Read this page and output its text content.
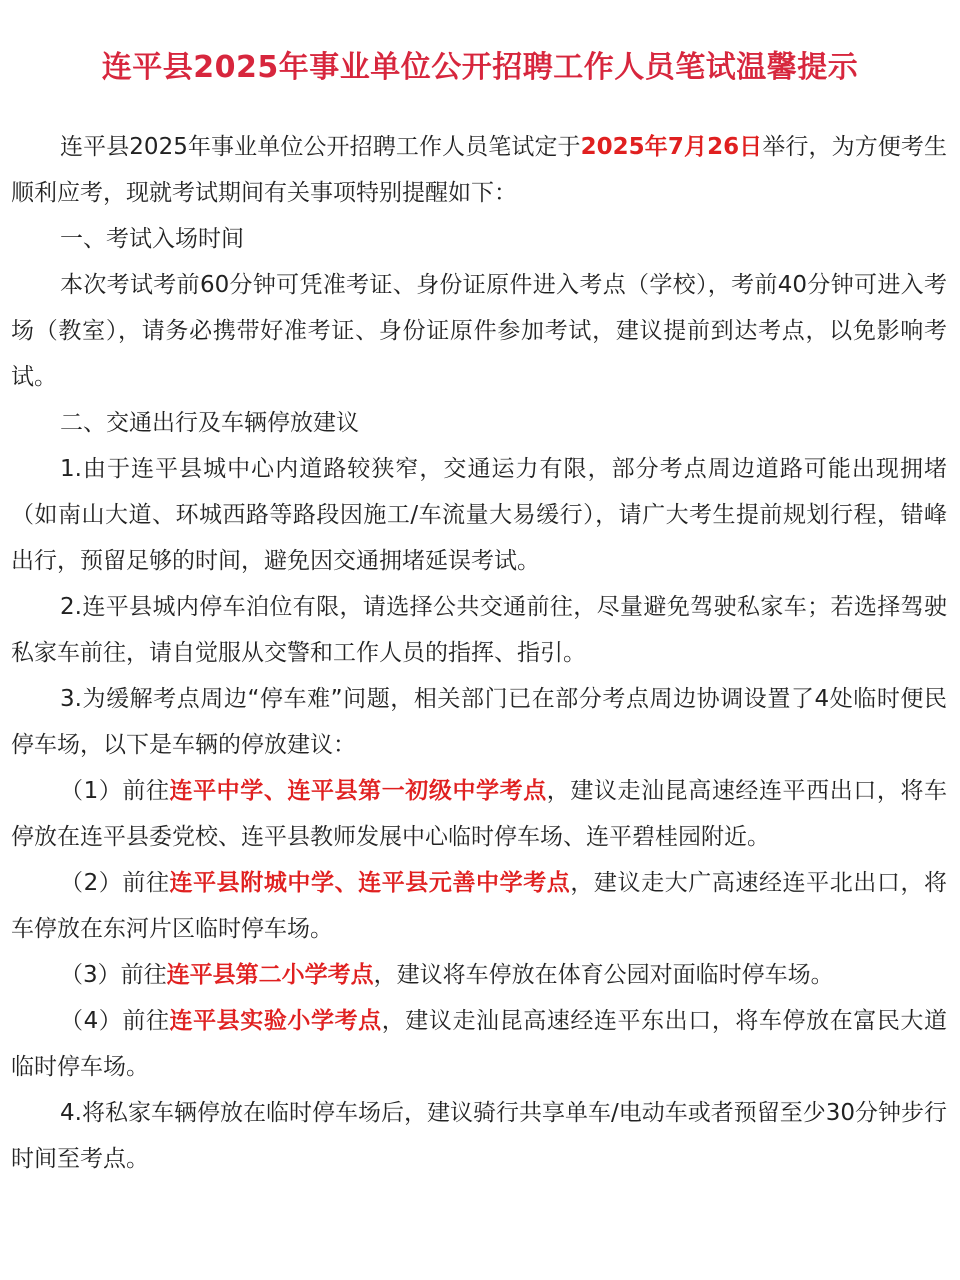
连平县2025年事业单位公开招聘工作人员笔试温馨提示

连平县2025年事业单位公开招聘工作人员笔试定于2025年7月26日举行，为方便考生顺利应考，现就考试期间有关事项特别提醒如下：

一、考试入场时间

本次考试考前60分钟可凭准考证、身份证原件进入考点（学校），考前40分钟可进入考场（教室），请务必携带好准考证、身份证原件参加考试，建议提前到达考点，以免影响考试。

二、交通出行及车辆停放建议

1.由于连平县城中心内道路较狭窄，交通运力有限，部分考点周边道路可能出现拥堵（如南山大道、环城西路等路段因施工/车流量大易缓行），请广大考生提前规划行程，错峰出行，预留足够的时间，避免因交通拥堵延误考试。

2.连平县城内停车泊位有限，请选择公共交通前往，尽量避免驾驶私家车；若选择驾驶私家车前往，请自觉服从交警和工作人员的指挥、指引。

3.为缓解考点周边“停车难”问题，相关部门已在部分考点周边协调设置了4处临时便民停车场，以下是车辆的停放建议：

（1）前往连平中学、连平县第一初级中学考点，建议走汕昆高速经连平西出口，将车停放在连平县委党校、连平县教师发展中心临时停车场、连平碧桂园附近。

（2）前往连平县附城中学、连平县元善中学考点，建议走大广高速经连平北出口，将车停放在东河片区临时停车场。

（3）前往连平县第二小学考点，建议将车停放在体育公园对面临时停车场。

（4）前往连平县实验小学考点，建议走汕昆高速经连平东出口，将车停放在富民大道临时停车场。

4.将私家车辆停放在临时停车场后，建议骑行共享单车/电动车或者预留至少30分钟步行时间至考点。
